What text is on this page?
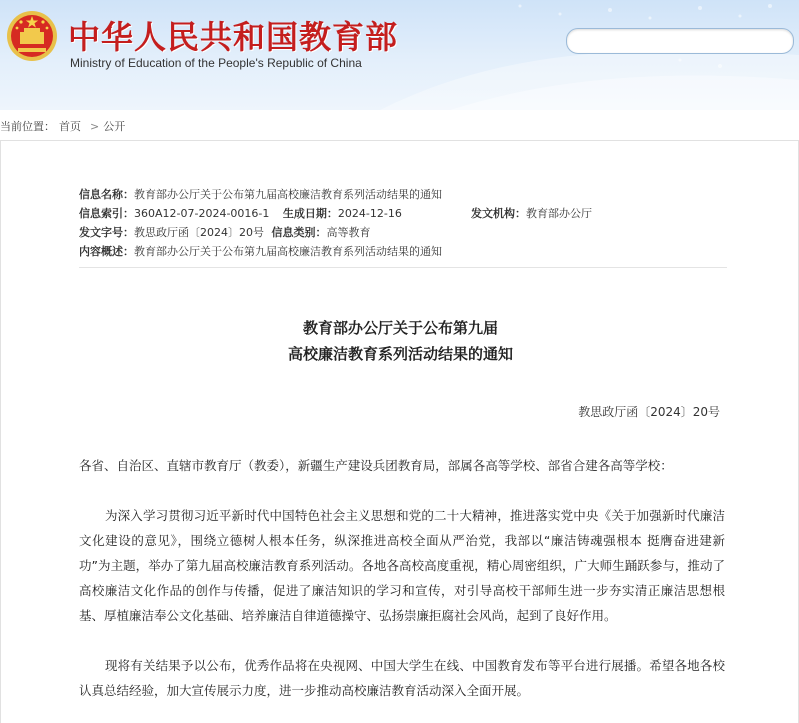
中华人民共和国教育部
Ministry of Education of the People's Republic of China
当前位置： 首页 > 公开
信息名称：教育部办公厅关于公布第九届高校廉洁教育系列活动结果的通知
信息索引：360A12-07-2024-0016-1 生成日期：2024-12-16	发文机构：教育部办公厅
发文字号：教思政厅函〔2024〕20号 信息类别：高等教育
内容概述：教育部办公厅关于公布第九届高校廉洁教育系列活动结果的通知
教育部办公厅关于公布第九届
高校廉洁教育系列活动结果的通知
教思政厅函〔2024〕20号
各省、自治区、直辖市教育厅（教委），新疆生产建设兵团教育局，部属各高等学校、部省合建各高等学校：
为深入学习贯彻习近平新时代中国特色社会主义思想和党的二十大精神，推进落实党中央《关于加强新时代廉洁文化建设的意见》，围绕立德树人根本任务，纵深推进高校全面从严治党，我部以“廉洁铸魂强根本 挺膺奋进建新功”为主题，举办了第九届高校廉洁教育系列活动。各地各高校高度重视，精心周密组织，广大师生踊跃参与，推动了高校廉洁文化作品的创作与传播，促进了廉洁知识的学习和宣传，对引导高校干部师生进一步夯实清正廉洁思想根基、厚植廉洁奉公文化基础、培养廉洁自律道德操守、弘扬崇廉拒腐社会风尚，起到了良好作用。
现将有关结果予以公布，优秀作品将在央视网、中国大学生在线、中国教育发布等平台进行展播。希望各地各校认真总结经验，加大宣传展示力度，进一步推动高校廉洁教育活动深入全面开展。
